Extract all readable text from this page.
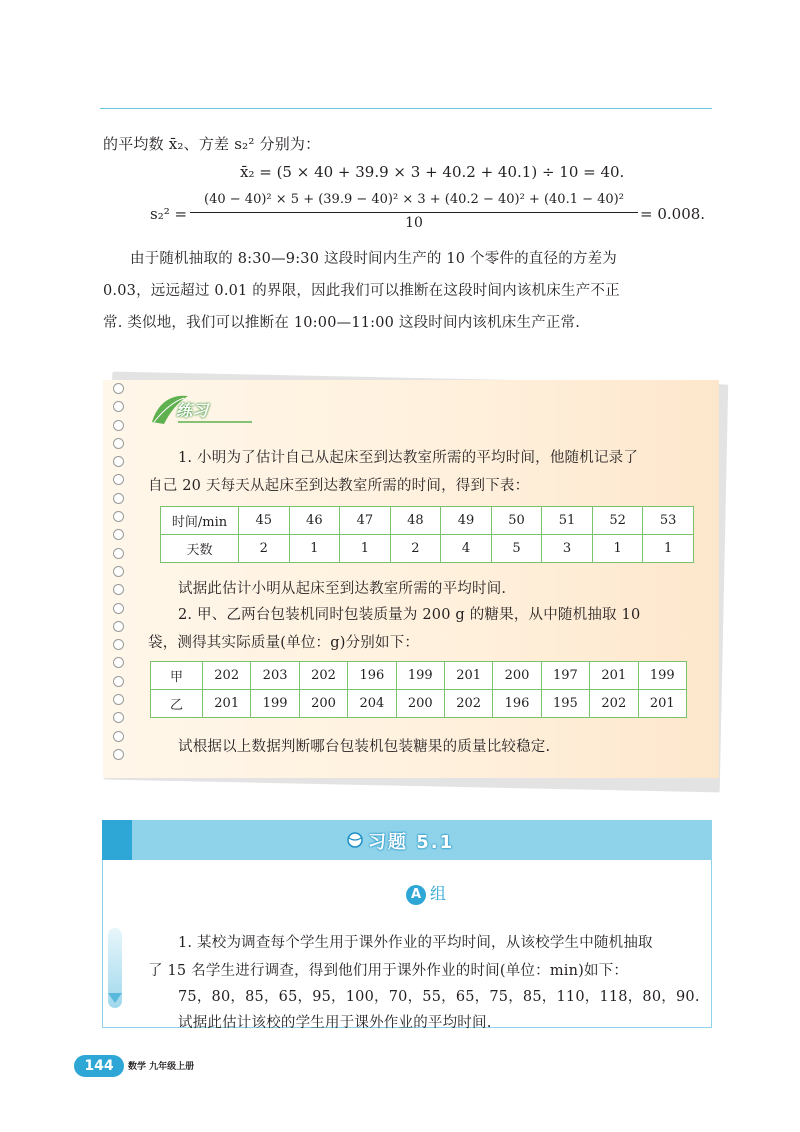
的平均数 x̄₂、方差 s₂² 分别为：
x̄₂ = (5 × 40 + 39.9 × 3 + 40.2 + 40.1) ÷ 10 = 40.
s₂² =
(40 − 40)² × 5 + (39.9 − 40)² × 3 + (40.2 − 40)² + (40.1 − 40)²
10	= 0.008.
由于随机抽取的 8:30—9:30 这段时间内生产的 10 个零件的直径的方差为
0.03，远远超过 0.01 的界限，因此我们可以推断在这段时间内该机床生产不正
常. 类似地，我们可以推断在 10:00—11:00 这段时间内该机床生产正常.
练习
1. 小明为了估计自己从起床至到达教室所需的平均时间，他随机记录了
自己 20 天每天从起床至到达教室所需的时间，得到下表：
时间/min	45	46	47	48	49	50	51	52	53
天数	2	1	1	2	4	5	3	1	1
试据此估计小明从起床至到达教室所需的平均时间.
2. 甲、乙两台包装机同时包装质量为 200 g 的糖果，从中随机抽取 10
袋，测得其实际质量(单位：g)分别如下：
甲	202	203	202	196	199	201	200	197	201	199
乙	201	199	200	204	200	202	196	195	202	201
试根据以上数据判断哪台包装机包装糖果的质量比较稳定.
习题 5.1
A 组
1. 某校为调查每个学生用于课外作业的平均时间，从该校学生中随机抽取
了 15 名学生进行调查，得到他们用于课外作业的时间(单位：min)如下：
75，80，85，65，95，100，70，55，65，75，85，110，118，80，90.
试据此估计该校的学生用于课外作业的平均时间.
144	数学 九年级上册
